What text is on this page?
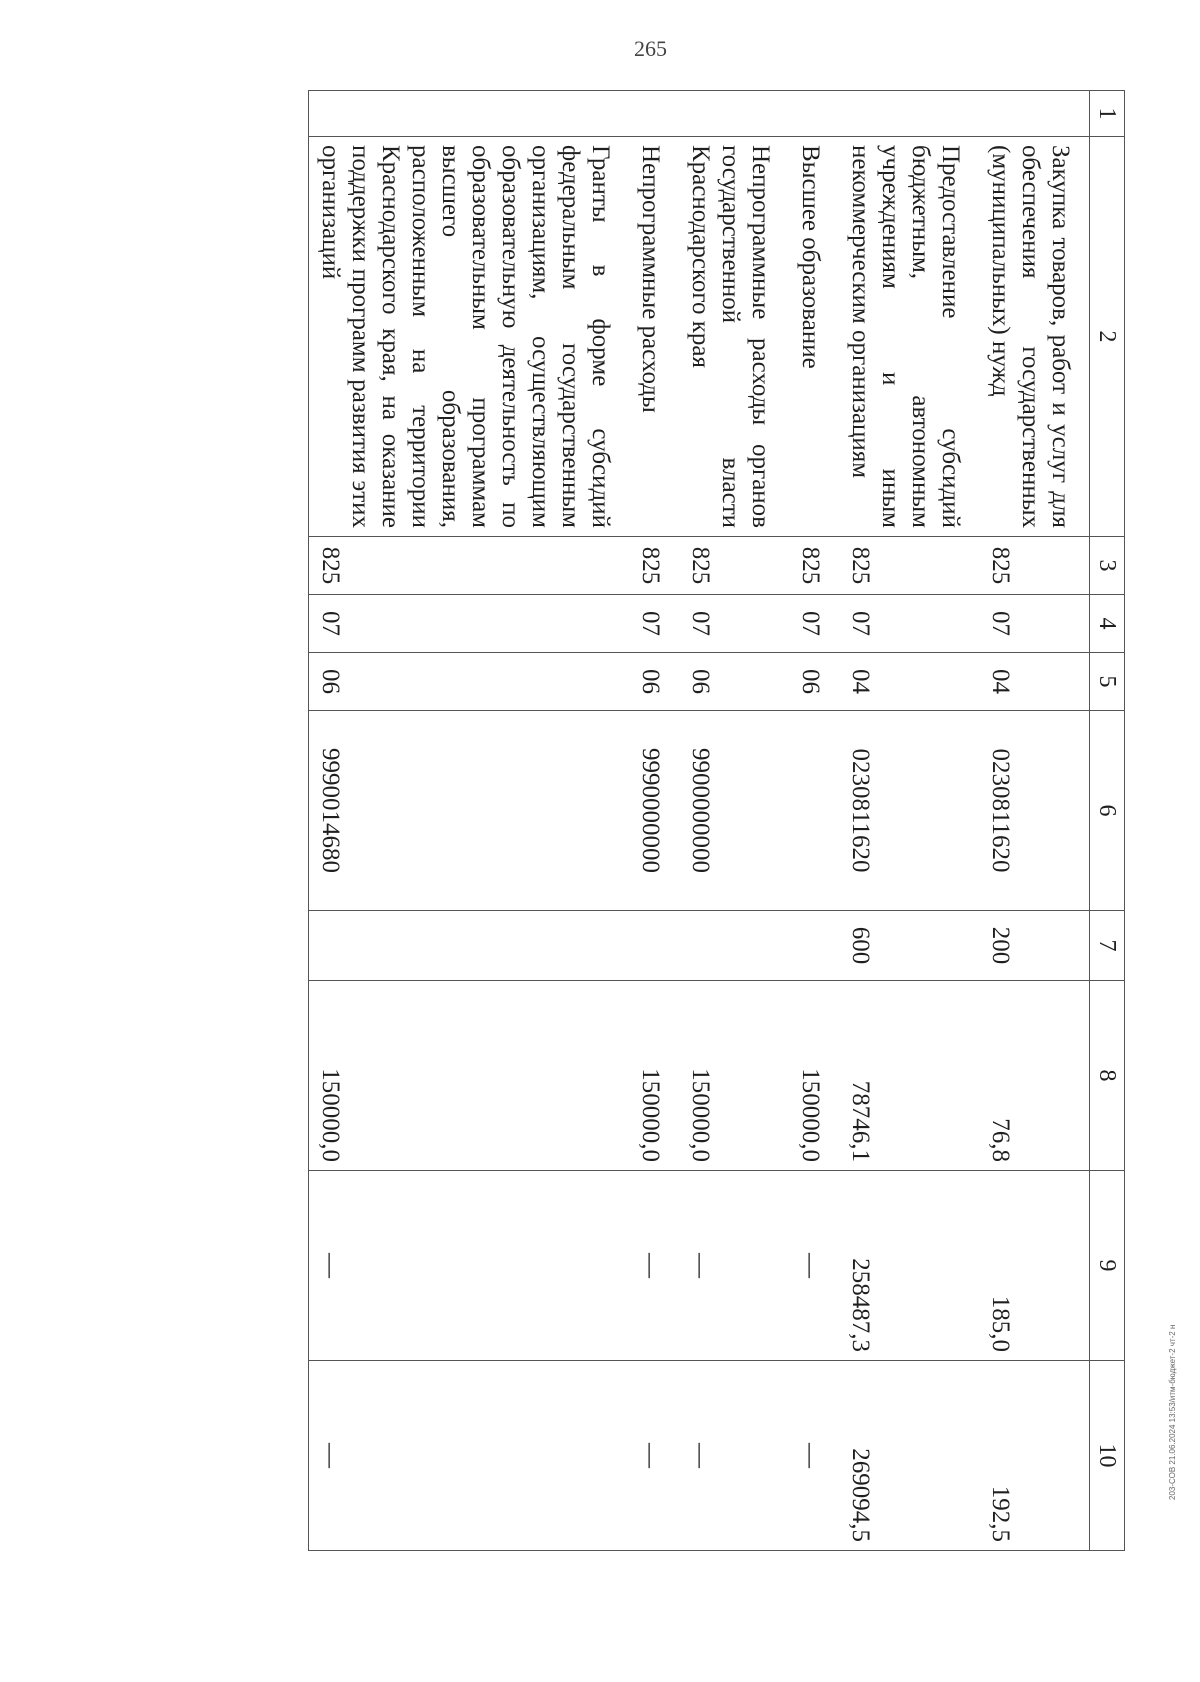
265
1	2	3	4	5	6	7	8	9	10
	Закупка товаров, работ и услуг для обеспечения государственных (муниципальных) нужд	825	07	04	0230811620	200	76,8	185,0	192,5
	Предоставление субсидий бюджетным, автономным учреждениям и иным некоммерческим организациям	825	07	04	0230811620	600	78746,1	258487,3	269094,5
	Высшее образование	825	07	06			150000,0	—	—
	Непрограммные расходы органов государственной власти Краснодарского края	825	07	06	9900000000		150000,0	—	—
	Непрограммные расходы	825	07	06	9990000000		150000,0	—	—
	Гранты в форме субсидий федеральным государственным организациям, осуществляющим образовательную деятельность по образовательным программам высшего образования, расположенным на территории Краснодарского края, на оказание поддержки программ развития этих организаций	825	07	06	9990014680		150000,0	—	—	203-СОВ 21.06.2024 13:53/итм-бюджет-2 чт-2 н
